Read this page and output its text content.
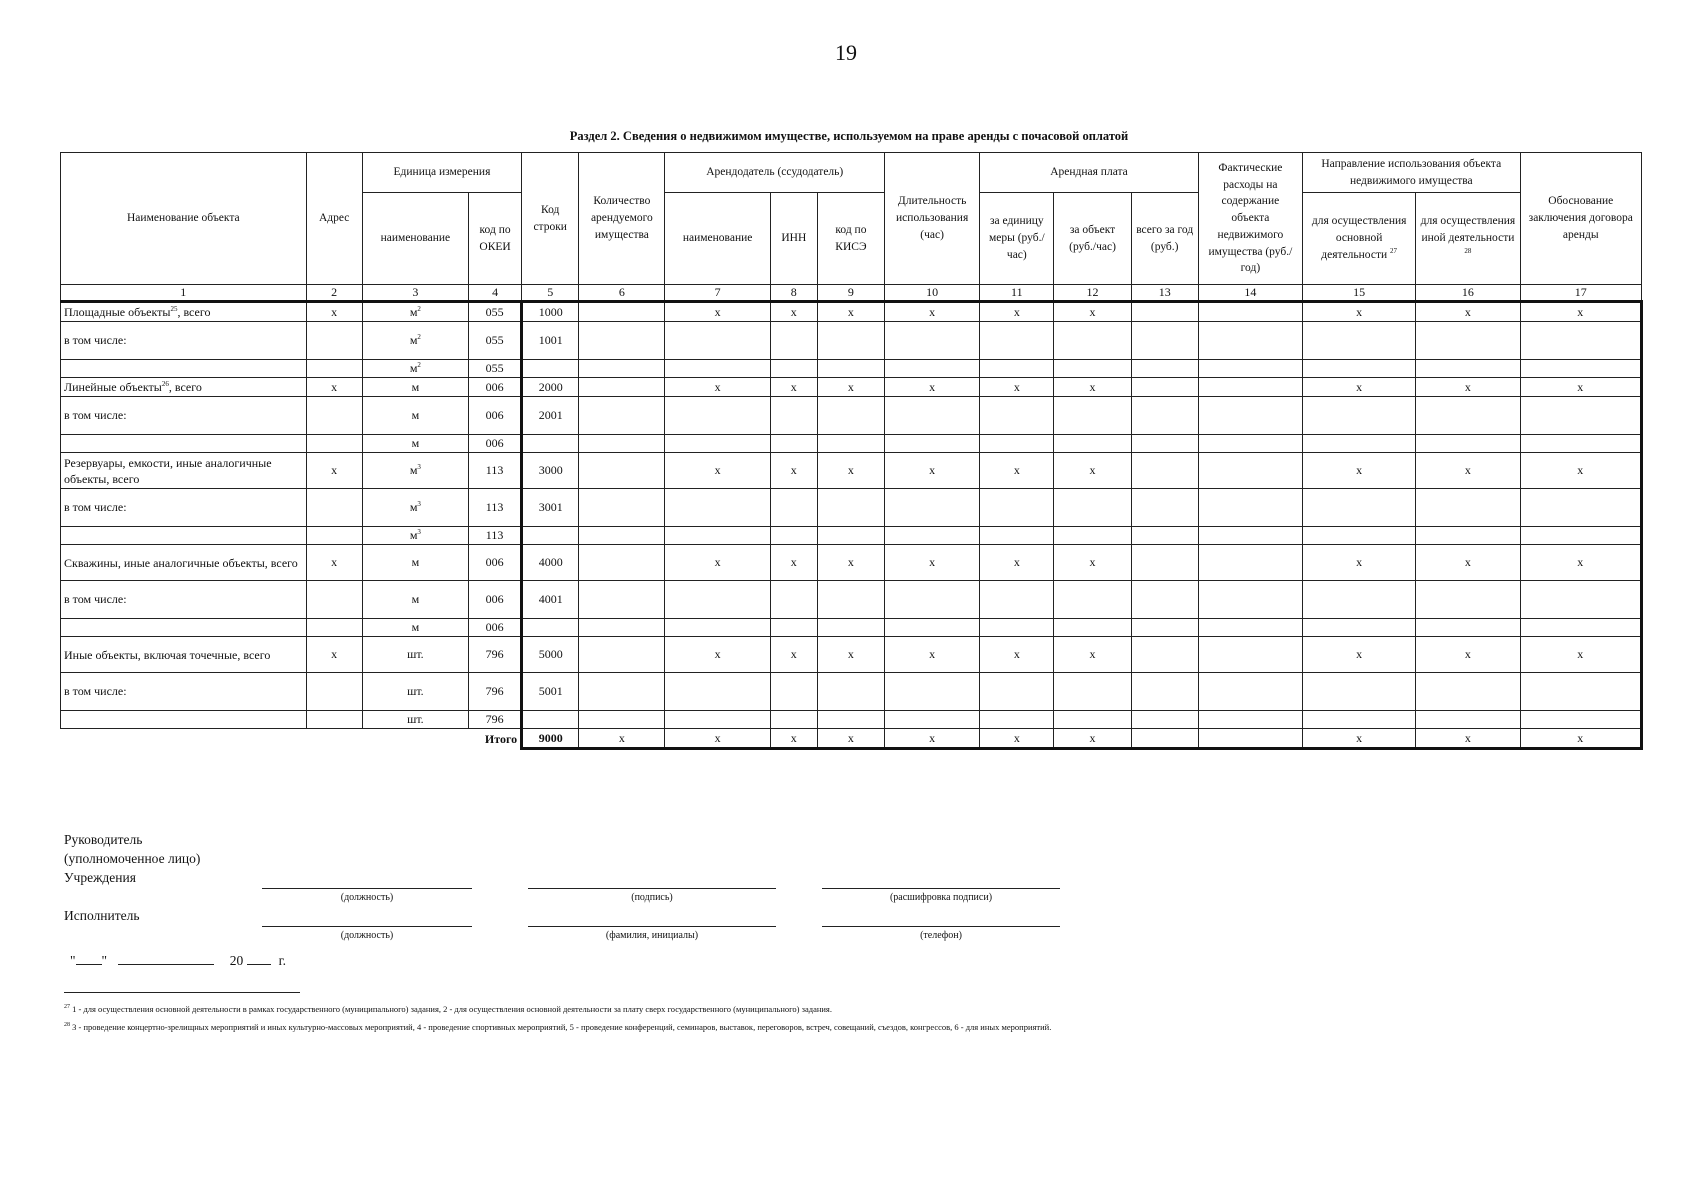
19
Раздел 2. Сведения о недвижимом имуществе, используемом на праве аренды с почасовой оплатой
Наименование объекта	Адрес	Единица измерения		Код строки	Количество арендуемого имущества	Арендодатель (ссудодатель)			Длительность использования (час)	Арендная плата			Фактические расходы на содержание объекта недвижимого имущества (руб./год)	Направление использования объекта недвижимого имущества		Обоснование заключения договора аренды
		наименование	код по ОКЕИ			наименование	ИНН	код по КИСЭ		за единицу меры (руб./час)	за объект (руб./час)	всего за год (руб.)		для осуществления основной деятельности $^{27}$	для осуществления иной деятельности $^{28}$
1	2	3	4	5	6	7	8	9	10	11	12	13	14	15	16	17
Площадные объекты$^{25}$, всего	х	$м^2$	055	1000		х	х	х	х	х	х			х	х	х
в том числе:		$м^2$	055	1001												
		$м^2$	055													
Линейные объекты$^{26}$, всего	х	м	006	2000		х	х	х	х	х	х			х	х	х
в том числе:		м	006	2001												
		м	006													
Резервуары, емкости, иные аналогичные объекты, всего	х	$м^3$	113	3000		х	х	х	х	х	х			х	х	х
в том числе:		$м^3$	113	3001												
		$м^3$	113													
Скважины, иные аналогичные объекты, всего	х	м	006	4000		х	х	х	х	х	х			х	х	х
в том числе:		м	006	4001												
		м	006													
Иные объекты, включая точечные, всего	х	шт.	796	5000		х	х	х	х	х	х			х	х	х
в том числе:		шт.	796	5001												
		шт.	796													
Итого				9000	х	х	х	х	х	х	х			х	х	х
Руководитель
(уполномоченное лицо)
Учреждения
(должность)	(подпись)	(расшифровка подписи)
Исполнитель
(должность)	(фамилия, инициалы)	(телефон)
" "	20	г.
$^{27}$ 1 - для осуществления основной деятельности в рамках государственного (муниципального) задания, 2 - для осуществления основной деятельности за плату сверх государственного (муниципального) задания.
$^{28}$ 3 - проведение концертно-зрелищных мероприятий и иных культурно-массовых мероприятий, 4 - проведение спортивных мероприятий, 5 - проведение конференций, семинаров, выставок, переговоров, встреч, совещаний, съездов, конгрессов, 6 - для иных мероприятий.
